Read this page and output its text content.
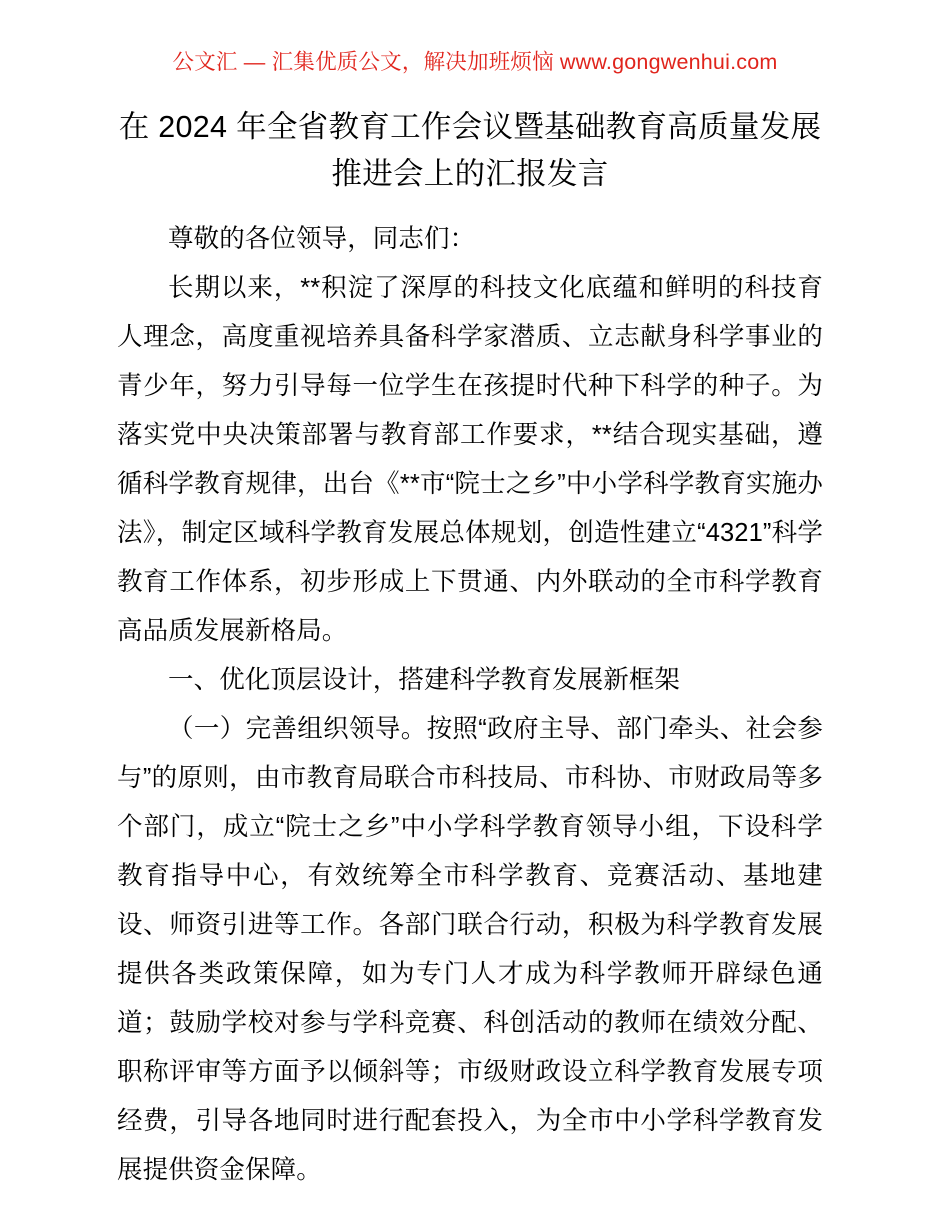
公文汇 — 汇集优质公文，解决加班烦恼 www.gongwenhui.com
在 2024 年全省教育工作会议暨基础教育高质量发展推进会上的汇报发言

尊敬的各位领导，同志们：

长期以来，**积淀了深厚的科技文化底蕴和鲜明的科技育人理念，高度重视培养具备科学家潜质、立志献身科学事业的青少年，努力引导每一位学生在孩提时代种下科学的种子。为落实党中央决策部署与教育部工作要求，**结合现实基础，遵循科学教育规律，出台《**市“院士之乡”中小学科学教育实施办法》，制定区域科学教育发展总体规划，创造性建立“4321”科学教育工作体系，初步形成上下贯通、内外联动的全市科学教育高品质发展新格局。

一、优化顶层设计，搭建科学教育发展新框架

（一）完善组织领导。按照“政府主导、部门牵头、社会参与”的原则，由市教育局联合市科技局、市科协、市财政局等多个部门，成立“院士之乡”中小学科学教育领导小组，下设科学教育指导中心，有效统筹全市科学教育、竞赛活动、基地建设、师资引进等工作。各部门联合行动，积极为科学教育发展提供各类政策保障，如为专门人才成为科学教师开辟绿色通道；鼓励学校对参与学科竞赛、科创活动的教师在绩效分配、职称评审等方面予以倾斜等；市级财政设立科学教育发展专项经费，引导各地同时进行配套投入，为全市中小学科学教育发展提供资金保障。
